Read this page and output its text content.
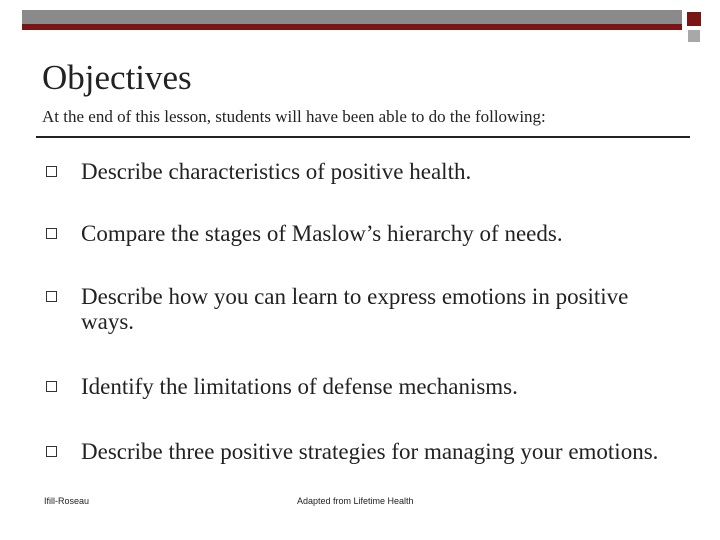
Objectives
At the end of this lesson, students will have been able to do the following:
Describe characteristics of positive health.
Compare the stages of Maslow’s hierarchy of needs.
Describe how you can learn to express emotions in positive ways.
Identify the limitations of defense mechanisms.
Describe three positive strategies for managing your emotions.
Ifill-Roseau	Adapted from Lifetime Health
